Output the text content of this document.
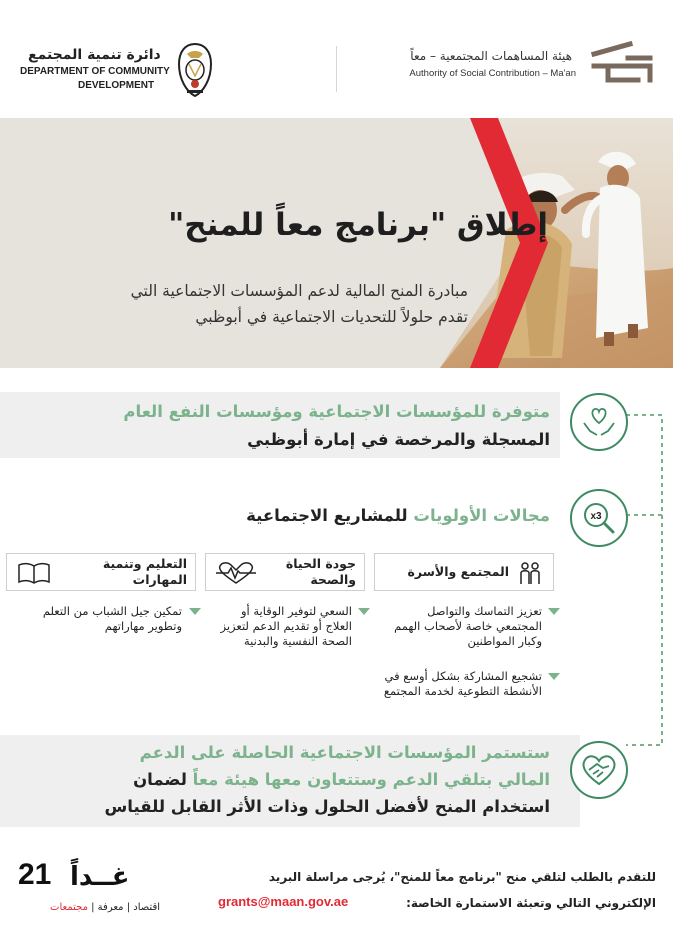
دائرة تنمية المجتمع
DEPARTMENT OF COMMUNITY
DEVELOPMENT
هيئة المساهمات المجتمعية – معاً
Authority of Social Contribution – Ma'an
إطلاق "برنامج معاً للمنح"
مبادرة المنح المالية لدعم المؤسسات الاجتماعية التي
تقدم حلولاً للتحديات الاجتماعية في أبوظبي
متوفرة للمؤسسات الاجتماعية ومؤسسات النفع العام
المسجلة والمرخصة في إمارة أبوظبي
مجالات الأولويات للمشاريع الاجتماعية	x3
المجتمع والأسرة
جودة الحياة والصحة
التعليم وتنمية المهارات
تعزيز التماسك والتواصل المجتمعي خاصة لأصحاب الهمم وكبار المواطنين
تشجيع المشاركة بشكل أوسع في الأنشطة التطوعية لخدمة المجتمع
السعي لتوفير الوقاية أو العلاج أو تقديم الدعم لتعزيز الصحة النفسية والبدنية
تمكين جيل الشباب من التعلم وتطوير مهاراتهم
ستستمر المؤسسات الاجتماعية الحاصلة على الدعم
المالي بتلقي الدعم وستتعاون معها هيئة معاً لضمان
استخدام المنح لأفضل الحلول وذات الأثر القابل للقياس
21 غــداً
اقتصاد | معرفة | مجتمعات
للتقدم بالطلب لتلقي منح "برنامج معاً للمنح"، يُرجى مراسلة البريد
الإلكتروني التالي وتعبئة الاستمارة الخاصة:
grants@maan.gov.ae
